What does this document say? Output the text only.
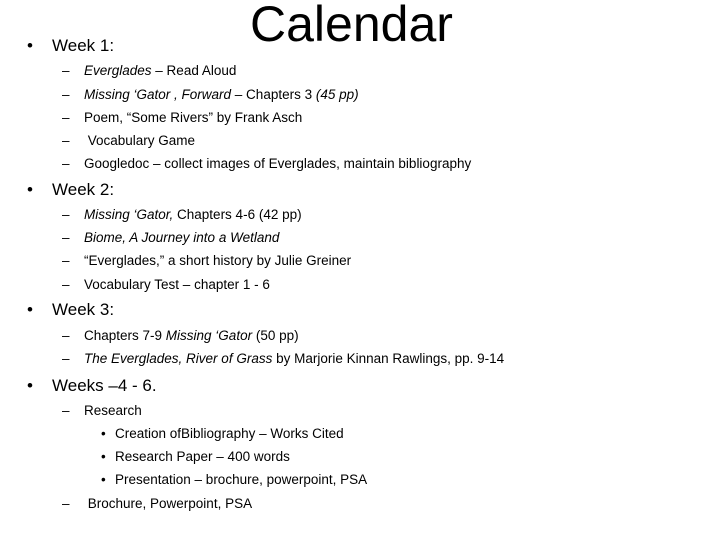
Calendar
• Week 1:
– Everglades – Read Aloud
– Missing ‘Gator , Forward – Chapters 3 (45 pp)
– Poem, “Some Rivers” by Frank Asch
– Vocabulary Game
– Googledoc – collect images of Everglades, maintain bibliography
• Week 2:
– Missing ‘Gator, Chapters 4-6 (42 pp)
– Biome, A Journey into a Wetland
– “Everglades,” a short history by Julie Greiner
– Vocabulary Test – chapter 1 - 6
• Week 3:
– Chapters 7-9 Missing ‘Gator (50 pp)
– The Everglades, River of Grass by Marjorie Kinnan Rawlings, pp. 9-14
• Weeks –4 - 6.
– Research
• Creation ofBibliography – Works Cited
• Research Paper – 400 words
• Presentation – brochure, powerpoint, PSA
– Brochure, Powerpoint, PSA
